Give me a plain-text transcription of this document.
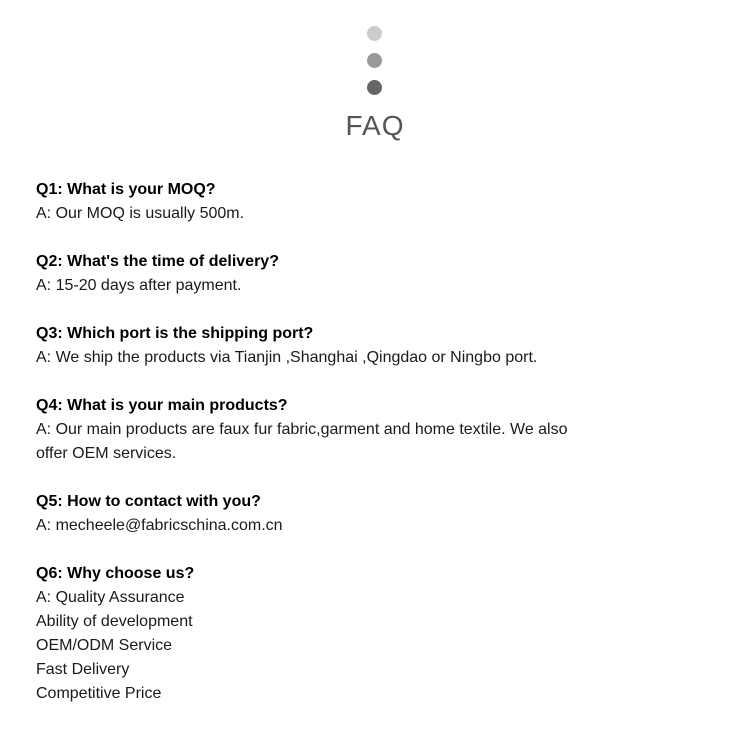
FAQ

Q1: What is your MOQ?

A: Our MOQ is usually 500m.

Q2: What's the time of delivery?

A: 15-20 days after payment.

Q3: Which port is the shipping port?

A: We ship the products via Tianjin ,Shanghai ,Qingdao or Ningbo port.

Q4: What is your main products?

A: Our main products are faux fur fabric,garment and home textile. We also

offer OEM services.

Q5: How to contact with you?

A: mecheele@fabricschina.com.cn

Q6: Why choose us?

A: Quality Assurance

Ability of development

OEM/ODM Service

Fast Delivery

Competitive Price
